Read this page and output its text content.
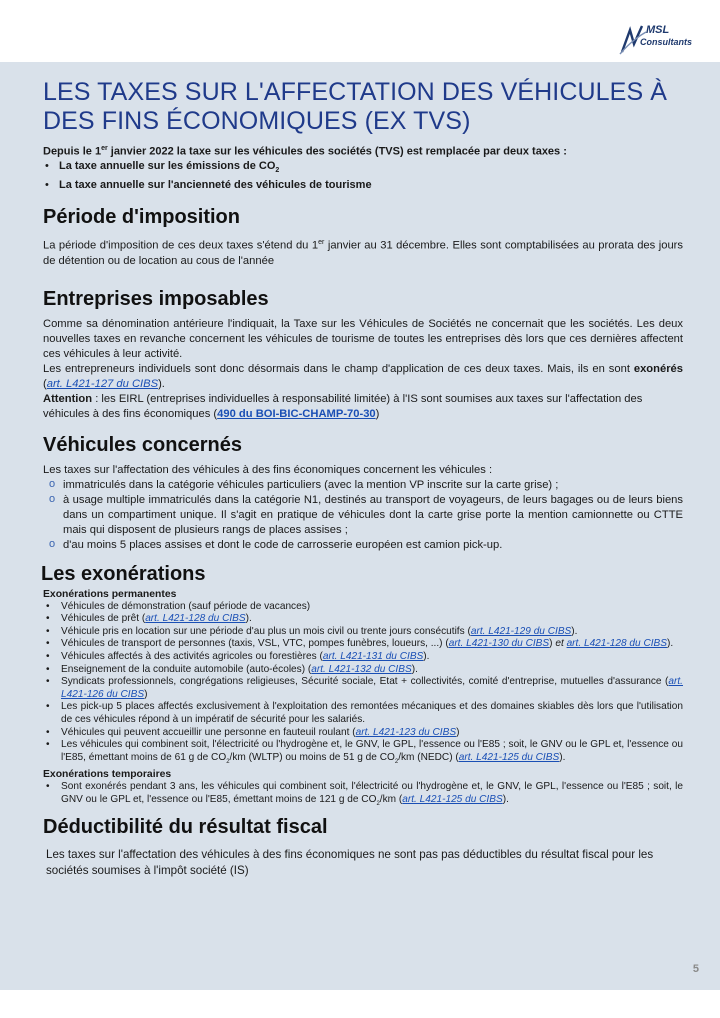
MSL
Consultants
LES TAXES SUR L'AFFECTATION DES VÉHICULES À DES FINS ÉCONOMIQUES (EX TVS)
Depuis le 1er janvier 2022 la taxe sur les véhicules des sociétés (TVS) est remplacée par deux taxes :
• La taxe annuelle sur les émissions de $CO_2$
• La taxe annuelle sur l'ancienneté des véhicules de tourisme
Période d'imposition

La période d'imposition de ces deux taxes s'étend du 1er janvier au 31 décembre. Elles sont comptabilisées au prorata des jours de détention ou de location au cous de l'année

Entreprises imposables

Comme sa dénomination antérieure l'indiquait, la Taxe sur les Véhicules de Sociétés ne concernait que les sociétés. Les deux nouvelles taxes en revanche concernent les véhicules de tourisme de toutes les entreprises dès lors que ces dernières affectent ces véhicules à leur activité.

Les entrepreneurs individuels sont donc désormais dans le champ d'application de ces deux taxes. Mais, ils en sont exonérés (art. L421-127 du CIBS).

Attention : les EIRL (entreprises individuelles à responsabilité limitée) à l'IS sont soumises aux taxes sur l'affectation des véhicules à des fins économiques (490 du BOI-BIC-CHAMP-70-30)

Véhicules concernés

Les taxes sur l'affectation des véhicules à des fins économiques concernent les véhicules :

o immatriculés dans la catégorie véhicules particuliers (avec la mention VP inscrite sur la carte grise) ;
o à usage multiple immatriculés dans la catégorie N1, destinés au transport de voyageurs, de leurs bagages ou de leurs biens dans un compartiment unique. Il s'agit en pratique de véhicules dont la carte grise porte la mention camionnette ou CTTE mais qui disposent de plusieurs rangs de places assises ;
o d'au moins 5 places assises et dont le code de carrosserie européen est camion pick-up.
Les exonérations

Exonérations permanentes

• Véhicules de démonstration (sauf période de vacances)
• Véhicules de prêt (art. L421-128 du CIBS).
• Véhicule pris en location sur une période d'au plus un mois civil ou trente jours consécutifs (art. L421-129 du CIBS).
• Véhicules de transport de personnes (taxis, VSL, VTC, pompes funèbres, loueurs, ...) (art. L421-130 du CIBS) et art. L421-128 du CIBS).
• Véhicules affectés à des activités agricoles ou forestières (art. L421-131 du CIBS).
• Enseignement de la conduite automobile (auto-écoles) (art. L421-132 du CIBS).
• Syndicats professionnels, congrégations religieuses, Sécurité sociale, Etat + collectivités, comité d'entreprise, mutuelles d'assurance (art. L421-126 du CIBS)
• Les pick-up 5 places affectés exclusivement à l'exploitation des remontées mécaniques et des domaines skiables dès lors que l'utilisation de ces véhicules répond à un impératif de sécurité pour les salariés.
• Véhicules qui peuvent accueillir une personne en fauteuil roulant (art. L421-123 du CIBS)
• Les véhicules qui combinent soit, l'électricité ou l'hydrogène et, le GNV, le GPL, l'essence ou l'E85 ; soit, le GNV ou le GPL et, l'essence ou l'E85, émettant moins de 61 g de $CO_2/km$ (WLTP) ou moins de 51 g de $CO_2/km$ (NEDC) (art. L421-125 du CIBS).

Exonérations temporaires

• Sont exonérés pendant 3 ans, les véhicules qui combinent soit, l'électricité ou l'hydrogène et, le GNV, le GPL, l'essence ou l'E85 ; soit, le GNV ou le GPL et, l'essence ou l'E85, émettant moins de 121 g de $CO_2/km$ (art. L421-125 du CIBS).
Déductibilité du résultat fiscal

Les taxes sur l'affectation des véhicules à des fins économiques ne sont pas pas déductibles du résultat fiscal pour les sociétés soumises à l'impôt société (IS)

5
